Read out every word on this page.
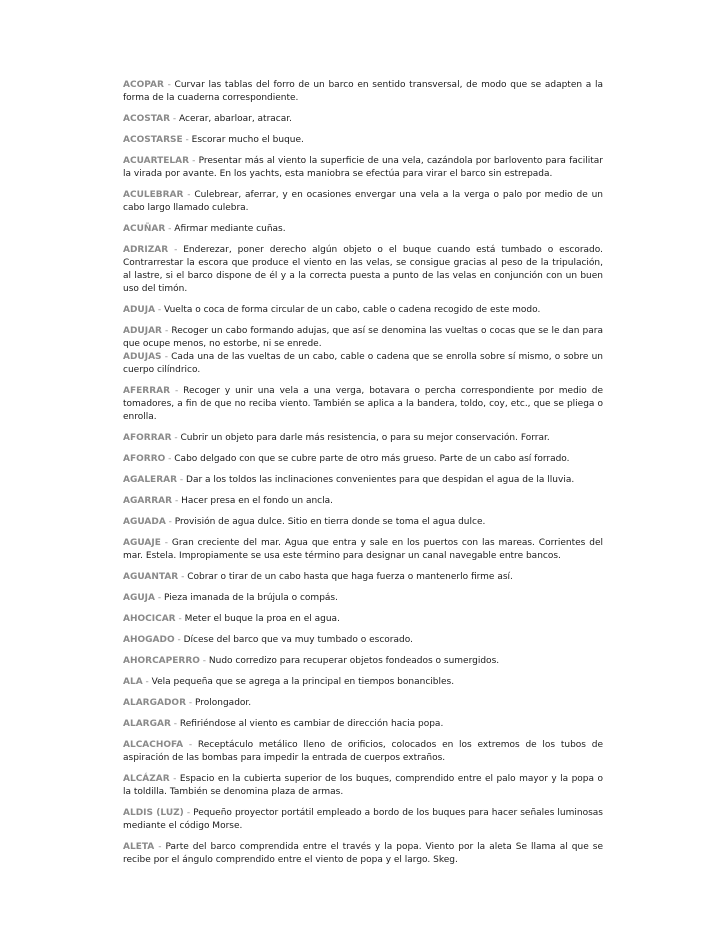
ACOPAR - Curvar las tablas del forro de un barco en sentido transversal, de modo que se adapten a la forma de la cuaderna correspondiente.

ACOSTAR - Acerar, abarloar, atracar.

ACOSTARSE - Escorar mucho el buque.

ACUARTELAR - Presentar más al viento la superficie de una vela, cazándola por barlovento para facilitar la virada por avante. En los yachts, esta maniobra se efectúa para virar el barco sin estrepada.

ACULEBRAR - Culebrear, aferrar, y en ocasiones envergar una vela a la verga o palo por medio de un cabo largo llamado culebra.

ACUÑAR - Afirmar mediante cuñas.

ADRIZAR - Enderezar, poner derecho algún objeto o el buque cuando está tumbado o escorado. Contrarrestar la escora que produce el viento en las velas, se consigue gracias al peso de la tripulación, al lastre, si el barco dispone de él y a la correcta puesta a punto de las velas en conjunción con un buen uso del timón.

ADUJA - Vuelta o coca de forma circular de un cabo, cable o cadena recogido de este modo.

ADUJAR - Recoger un cabo formando adujas, que así se denomina las vueltas o cocas que se le dan para que ocupe menos, no estorbe, ni se enrede.

ADUJAS - Cada una de las vueltas de un cabo, cable o cadena que se enrolla sobre sí mismo, o sobre un cuerpo cilíndrico.

AFERRAR - Recoger y unir una vela a una verga, botavara o percha correspondiente por medio de tomadores, a fin de que no reciba viento. También se aplica a la bandera, toldo, coy, etc., que se pliega o enrolla.

AFORRAR - Cubrir un objeto para darle más resistencia, o para su mejor conservación. Forrar.

AFORRO - Cabo delgado con que se cubre parte de otro más grueso. Parte de un cabo así forrado.

AGALERAR - Dar a los toldos las inclinaciones convenientes para que despidan el agua de la lluvia.

AGARRAR - Hacer presa en el fondo un ancla.

AGUADA - Provisión de agua dulce. Sitio en tierra donde se toma el agua dulce.

AGUAJE - Gran creciente del mar. Agua que entra y sale en los puertos con las mareas. Corrientes del mar. Estela. Impropiamente se usa este término para designar un canal navegable entre bancos.

AGUANTAR - Cobrar o tirar de un cabo hasta que haga fuerza o mantenerlo firme así.

AGUJA - Pieza imanada de la brújula o compás.

AHOCICAR - Meter el buque la proa en el agua.

AHOGADO - Dícese del barco que va muy tumbado o escorado.

AHORCAPERRO - Nudo corredizo para recuperar objetos fondeados o sumergidos.

ALA - Vela pequeña que se agrega a la principal en tiempos bonancibles.

ALARGADOR - Prolongador.

ALARGAR - Refiriéndose al viento es cambiar de dirección hacia popa.

ALCACHOFA - Receptáculo metálico lleno de orificios, colocados en los extremos de los tubos de aspiración de las bombas para impedir la entrada de cuerpos extraños.

ALCÁZAR - Espacio en la cubierta superior de los buques, comprendido entre el palo mayor y la popa o la toldilla. También se denomina plaza de armas.

ALDIS (LUZ) - Pequeño proyector portátil empleado a bordo de los buques para hacer señales luminosas mediante el código Morse.

ALETA - Parte del barco comprendida entre el través y la popa. Viento por la aleta Se llama al que se recibe por el ángulo comprendido entre el viento de popa y el largo. Skeg.
